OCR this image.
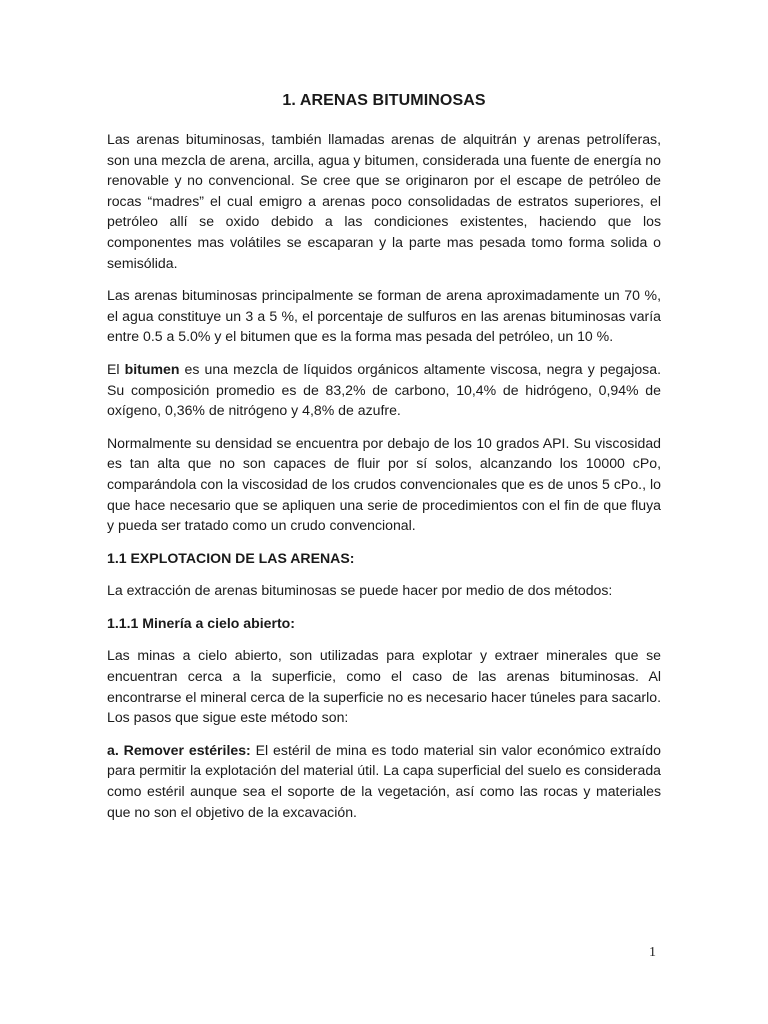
1. ARENAS BITUMINOSAS

Las arenas bituminosas, también llamadas arenas de alquitrán y arenas petrolíferas, son una mezcla de arena, arcilla, agua y bitumen, considerada una fuente de energía no renovable y no convencional. Se cree que se originaron por el escape de petróleo de rocas “madres” el cual emigro a arenas poco consolidadas de estratos superiores, el petróleo allí se oxido debido a las condiciones existentes, haciendo que los componentes mas volátiles se escaparan y la parte mas pesada tomo forma solida o semisólida.

Las arenas bituminosas principalmente se forman de arena aproximadamente un 70 %, el agua constituye un 3 a 5 %, el porcentaje de sulfuros en las arenas bituminosas varía entre 0.5 a 5.0% y el bitumen que es la forma mas pesada del petróleo, un 10 %.

El bitumen es una mezcla de líquidos orgánicos altamente viscosa, negra y pegajosa. Su composición promedio es de 83,2% de carbono, 10,4% de hidrógeno, 0,94% de oxígeno, 0,36% de nitrógeno y 4,8% de azufre.

Normalmente su densidad se encuentra por debajo de los 10 grados API. Su viscosidad es tan alta que no son capaces de fluir por sí solos, alcanzando los 10000 cPo, comparándola con la viscosidad de los crudos convencionales que es de unos 5 cPo., lo que hace necesario que se apliquen una serie de procedimientos con el fin de que fluya y pueda ser tratado como un crudo convencional.

1.1 EXPLOTACION DE LAS ARENAS:

La extracción de arenas bituminosas se puede hacer por medio de dos métodos:

1.1.1 Minería a cielo abierto:

Las minas a cielo abierto, son utilizadas para explotar y extraer minerales que se encuentran cerca a la superficie, como el caso de las arenas bituminosas. Al encontrarse el mineral cerca de la superficie no es necesario hacer túneles para sacarlo. Los pasos que sigue este método son:

a. Remover estériles: El estéril de mina es todo material sin valor económico extraído para permitir la explotación del material útil. La capa superficial del suelo es considerada como estéril aunque sea el soporte de la vegetación, así como las rocas y materiales que no son el objetivo de la excavación.

1
